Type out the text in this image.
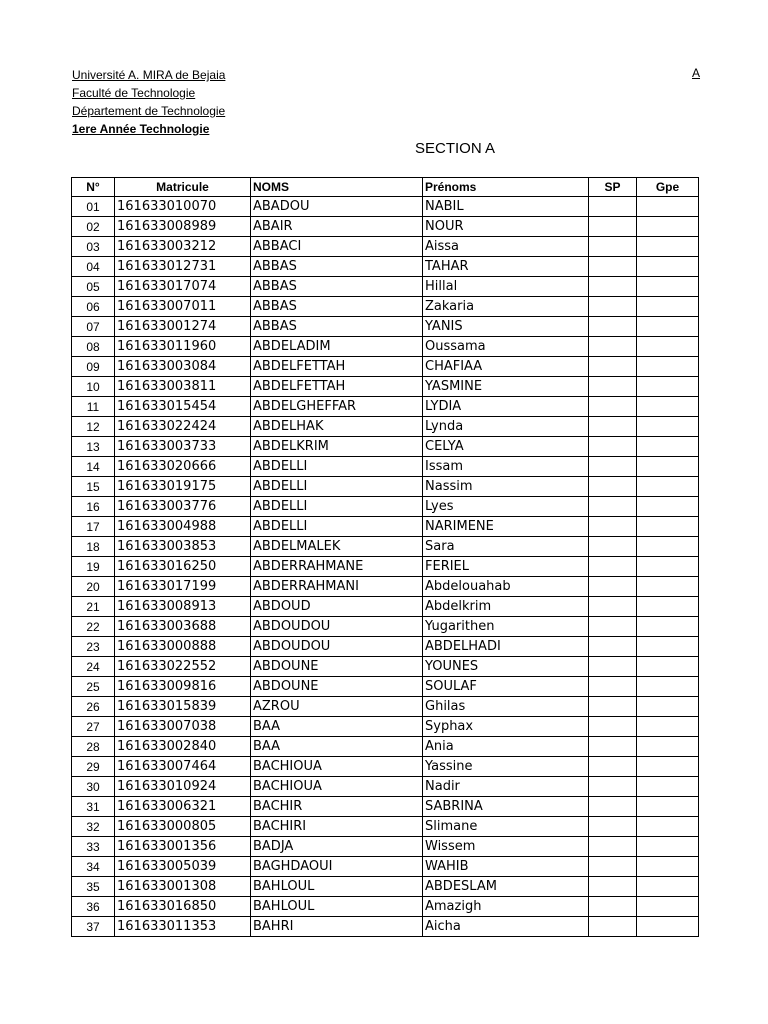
Université A. MIRA de Bejaia
Faculté de Technologie
Département de Technologie
1ere Année Technologie
A
SECTION A
N°	Matricule	NOMS	Prénoms	SP	Gpe
01	161633010070	ABADOU	NABIL		
02	161633008989	ABAIR	NOUR		
03	161633003212	ABBACI	Aissa		
04	161633012731	ABBAS	TAHAR		
05	161633017074	ABBAS	Hillal		
06	161633007011	ABBAS	Zakaria		
07	161633001274	ABBAS	YANIS		
08	161633011960	ABDELADIM	Oussama		
09	161633003084	ABDELFETTAH	CHAFIAA		
10	161633003811	ABDELFETTAH	YASMINE		
11	161633015454	ABDELGHEFFAR	LYDIA		
12	161633022424	ABDELHAK	Lynda		
13	161633003733	ABDELKRIM	CELYA		
14	161633020666	ABDELLI	Issam		
15	161633019175	ABDELLI	Nassim		
16	161633003776	ABDELLI	Lyes		
17	161633004988	ABDELLI	NARIMENE		
18	161633003853	ABDELMALEK	Sara		
19	161633016250	ABDERRAHMANE	FERIEL		
20	161633017199	ABDERRAHMANI	Abdelouahab		
21	161633008913	ABDOUD	Abdelkrim		
22	161633003688	ABDOUDOU	Yugarithen		
23	161633000888	ABDOUDOU	ABDELHADI		
24	161633022552	ABDOUNE	YOUNES		
25	161633009816	ABDOUNE	SOULAF		
26	161633015839	AZROU	Ghilas		
27	161633007038	BAA	Syphax		
28	161633002840	BAA	Ania		
29	161633007464	BACHIOUA	Yassine		
30	161633010924	BACHIOUA	Nadir		
31	161633006321	BACHIR	SABRINA		
32	161633000805	BACHIRI	Slimane		
33	161633001356	BADJA	Wissem		
34	161633005039	BAGHDAOUI	WAHIB		
35	161633001308	BAHLOUL	ABDESLAM		
36	161633016850	BAHLOUL	Amazigh		
37	161633011353	BAHRI	Aicha		
